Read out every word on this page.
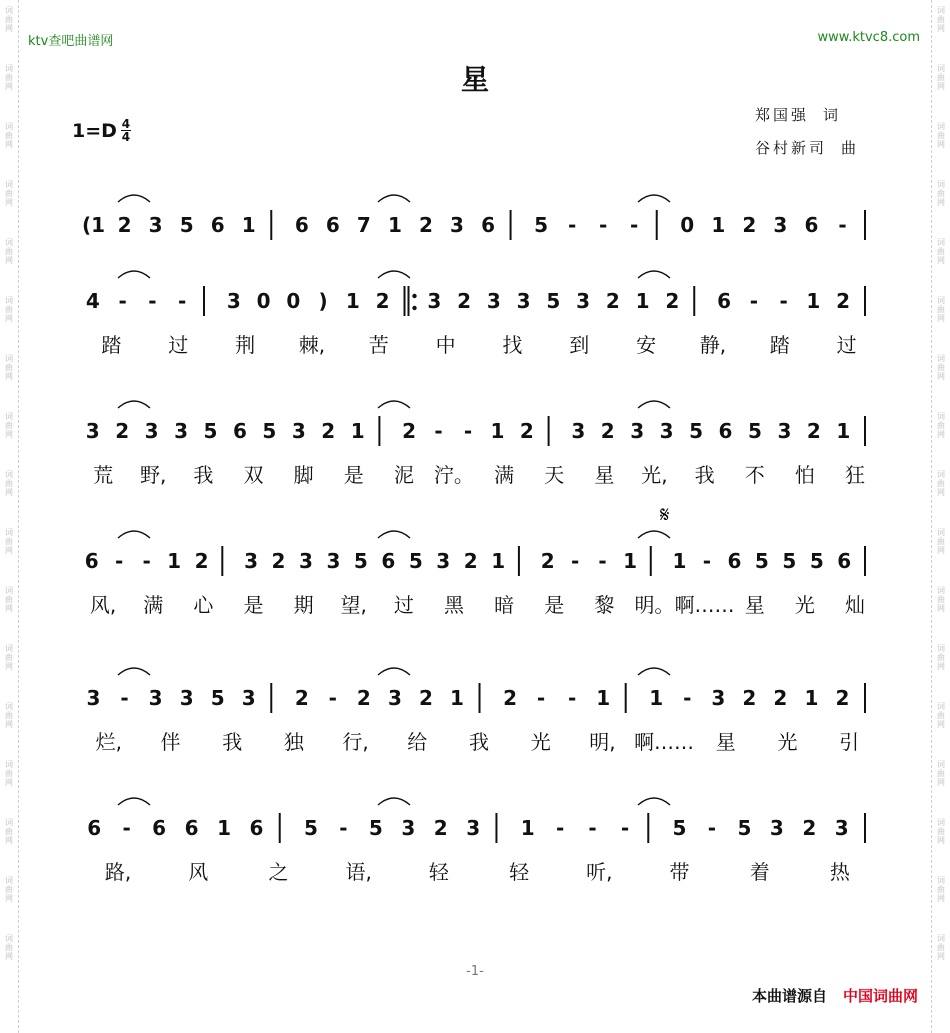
词曲网
词曲网
词曲网
词曲网
词曲网
词曲网
词曲网
词曲网
词曲网
词曲网
词曲网
词曲网
词曲网
词曲网
词曲网
词曲网
词曲网
词曲网
词曲网
词曲网
词曲网
词曲网
词曲网
词曲网
词曲网
词曲网
词曲网
词曲网
词曲网
词曲网
词曲网
词曲网
词曲网
词曲网
ktv查吧曲谱网	www.ktvc8.com
星
$1=D \frac{4}{4}$
郑国强 词
谷村新司 曲
(1 2 3 5 6 1 6 6 7 1 2 3 6 5 - - - 0 1 2 3 6 -
4 - - - 3 0 0 ) 1 2 3 2 3 3 5 3 2 1 2 6 - - 1 2
踏 过 荆 棘, 苦 中 找 到 安 静, 踏 过
3 2 3 3 5 6 5 3 2 1 2 - - 1 2 3 2 3 3 5 6 5 3 2 1
荒 野, 我 双 脚 是 泥 泞。 满 天 星 光, 我 不 怕 狂
6 - - 1 2 3 2 3 3 5 6 5 3 2 1 2 - - 1 1 - 6 5 5 5 6
风, 满 心 是 期 望, 过 黑 暗 是 黎 明。 啊…… 星 光 灿
3 - 3 3 5 3 2 - 2 3 2 1 2 - - 1 1 - 3 2 2 1 2
烂, 伴 我 独 行, 给 我 光 明, 啊…… 星 光 引
6 - 6 6 1 6 5 - 5 3 2 3 1 - - - 5 - 5 3 2 3
路,	风	之	语,	轻	轻	听,	带	着	热
𝄋
-1-
本曲谱源自 中国词曲网
